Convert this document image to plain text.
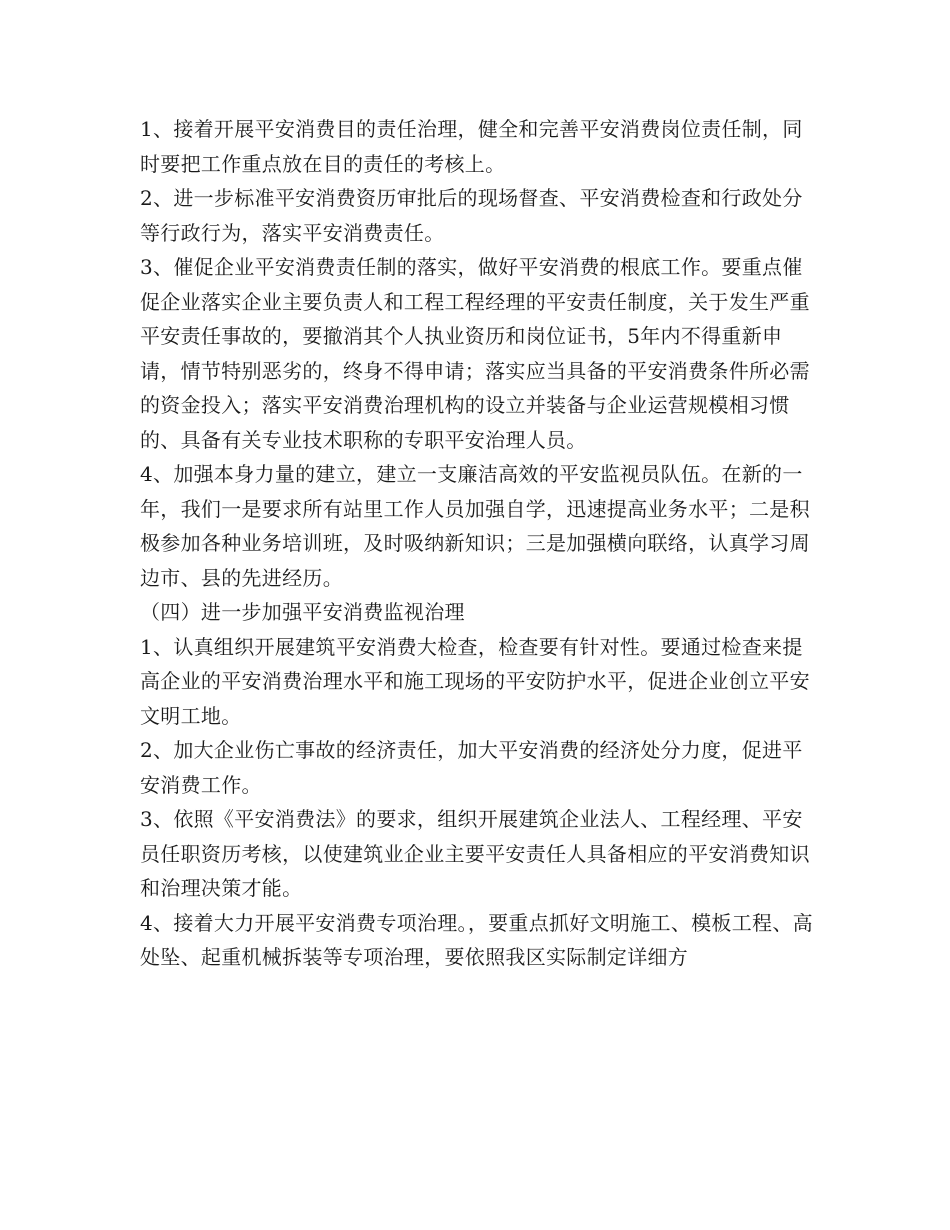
1、接着开展平安消费目的责任治理，健全和完善平安消费岗位责任制，同时要把工作重点放在目的责任的考核上。

2、进一步标准平安消费资历审批后的现场督查、平安消费检查和行政处分等行政行为，落实平安消费责任。

3、催促企业平安消费责任制的落实，做好平安消费的根底工作。要重点催促企业落实企业主要负责人和工程工程经理的平安责任制度，关于发生严重平安责任事故的，要撤消其个人执业资历和岗位证书，5年内不得重新申请，情节特别恶劣的，终身不得申请；落实应当具备的平安消费条件所必需的资金投入；落实平安消费治理机构的设立并装备与企业运营规模相习惯的、具备有关专业技术职称的专职平安治理人员。

4、加强本身力量的建立，建立一支廉洁高效的平安监视员队伍。在新的一年，我们一是要求所有站里工作人员加强自学，迅速提高业务水平；二是积极参加各种业务培训班，及时吸纳新知识；三是加强横向联络，认真学习周边市、县的先进经历。

（四）进一步加强平安消费监视治理

1、认真组织开展建筑平安消费大检查，检查要有针对性。要通过检查来提高企业的平安消费治理水平和施工现场的平安防护水平，促进企业创立平安文明工地。

2、加大企业伤亡事故的经济责任，加大平安消费的经济处分力度，促进平安消费工作。

3、依照《平安消费法》的要求，组织开展建筑企业法人、工程经理、平安员任职资历考核，以使建筑业企业主要平安责任人具备相应的平安消费知识和治理决策才能。

4、接着大力开展平安消费专项治理。，要重点抓好文明施工、模板工程、高处坠、起重机械拆装等专项治理，要依照我区实际制定详细方
